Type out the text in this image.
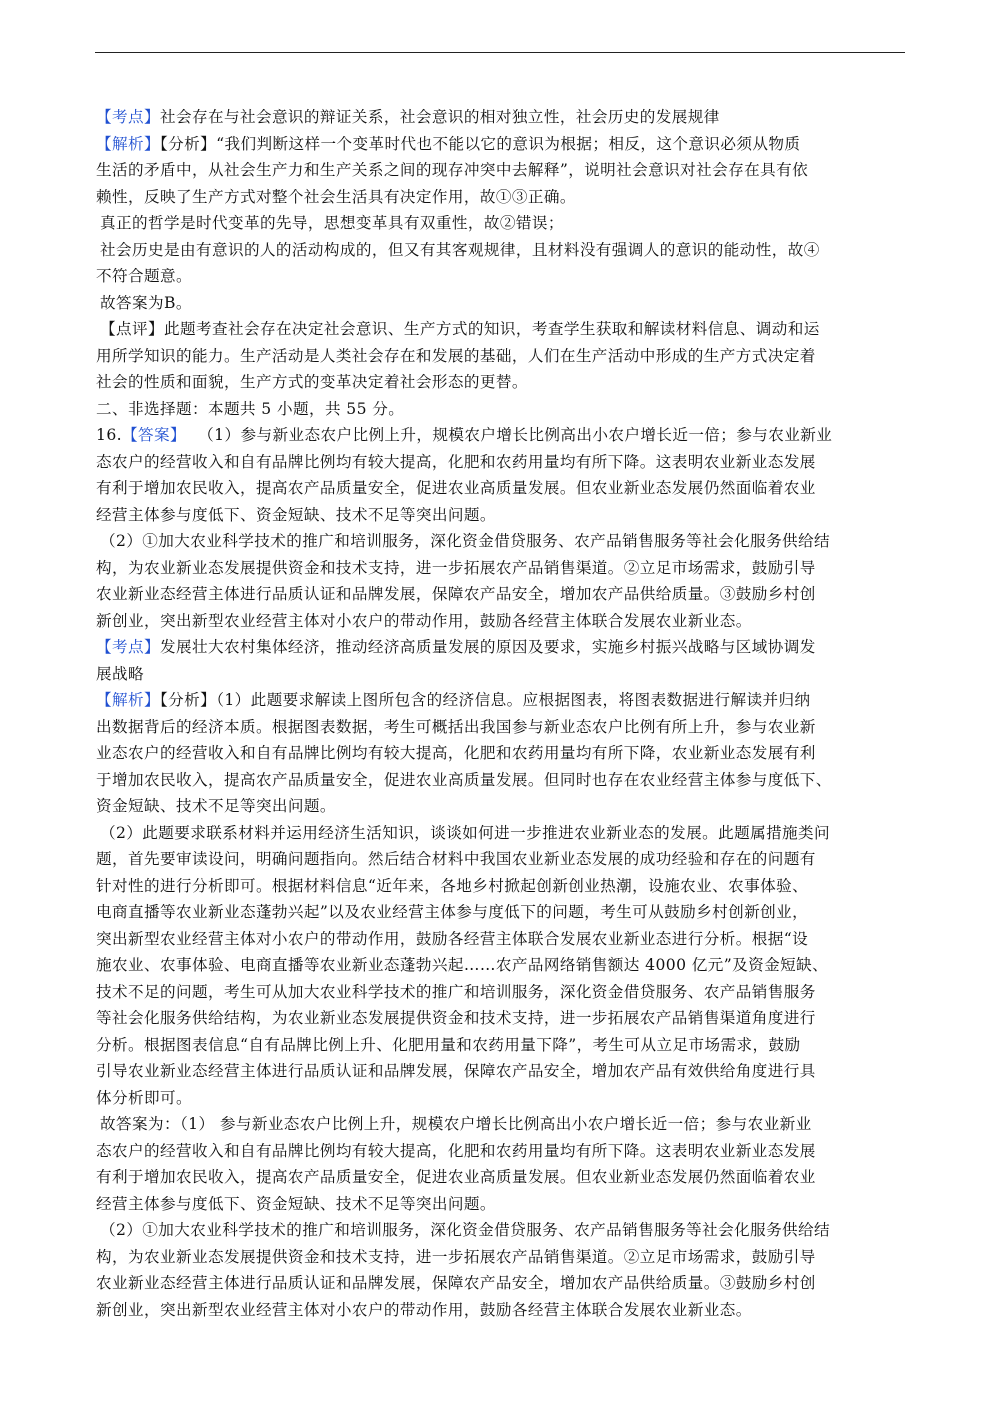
【考点】社会存在与社会意识的辩证关系，社会意识的相对独立性，社会历史的发展规律
【解析】【分析】“我们判断这样一个变革时代也不能以它的意识为根据；相反，这个意识必须从物质
生活的矛盾中，从社会生产力和生产关系之间的现存冲突中去解释”，说明社会意识对社会存在具有依
赖性，反映了生产方式对整个社会生活具有决定作用，故①③正确。
真正的哲学是时代变革的先导，思想变革具有双重性，故②错误；
社会历史是由有意识的人的活动构成的，但又有其客观规律，且材料没有强调人的意识的能动性，故④
不符合题意。
故答案为B。
【点评】此题考查社会存在决定社会意识、生产方式的知识，考查学生获取和解读材料信息、调动和运
用所学知识的能力。生产活动是人类社会存在和发展的基础，人们在生产活动中形成的生产方式决定着
社会的性质和面貌，生产方式的变革决定着社会形态的更替。
二、非选择题：本题共 5 小题，共 55 分。
16.【答案】 （1）参与新业态农户比例上升，规模农户增长比例高出小农户增长近一倍；参与农业新业
态农户的经营收入和自有品牌比例均有较大提高，化肥和农药用量均有所下降。这表明农业新业态发展
有利于增加农民收入，提高农产品质量安全，促进农业高质量发展。但农业新业态发展仍然面临着农业
经营主体参与度低下、资金短缺、技术不足等突出问题。
（2）①加大农业科学技术的推广和培训服务，深化资金借贷服务、农产品销售服务等社会化服务供给结
构，为农业新业态发展提供资金和技术支持，进一步拓展农产品销售渠道。②立足市场需求，鼓励引导
农业新业态经营主体进行品质认证和品牌发展，保障农产品安全，增加农产品供给质量。③鼓励乡村创
新创业，突出新型农业经营主体对小农户的带动作用，鼓励各经营主体联合发展农业新业态。
【考点】发展壮大农村集体经济，推动经济高质量发展的原因及要求，实施乡村振兴战略与区域协调发
展战略
【解析】【分析】（1）此题要求解读上图所包含的经济信息。应根据图表，将图表数据进行解读并归纳
出数据背后的经济本质。根据图表数据，考生可概括出我国参与新业态农户比例有所上升，参与农业新
业态农户的经营收入和自有品牌比例均有较大提高，化肥和农药用量均有所下降，农业新业态发展有利
于增加农民收入，提高农产品质量安全，促进农业高质量发展。但同时也存在农业经营主体参与度低下、
资金短缺、技术不足等突出问题。
（2）此题要求联系材料并运用经济生活知识，谈谈如何进一步推进农业新业态的发展。此题属措施类问
题，首先要审读设问，明确问题指向。然后结合材料中我国农业新业态发展的成功经验和存在的问题有
针对性的进行分析即可。根据材料信息“近年来，各地乡村掀起创新创业热潮，设施农业、农事体验、
电商直播等农业新业态蓬勃兴起”以及农业经营主体参与度低下的问题，考生可从鼓励乡村创新创业，
突出新型农业经营主体对小农户的带动作用，鼓励各经营主体联合发展农业新业态进行分析。根据“设
施农业、农事体验、电商直播等农业新业态蓬勃兴起……农产品网络销售额达 4000 亿元”及资金短缺、
技术不足的问题，考生可从加大农业科学技术的推广和培训服务，深化资金借贷服务、农产品销售服务
等社会化服务供给结构，为农业新业态发展提供资金和技术支持，进一步拓展农产品销售渠道角度进行
分析。根据图表信息“自有品牌比例上升、化肥用量和农药用量下降”，考生可从立足市场需求，鼓励
引导农业新业态经营主体进行品质认证和品牌发展，保障农产品安全，增加农产品有效供给角度进行具
体分析即可。
故答案为：（1） 参与新业态农户比例上升，规模农户增长比例高出小农户增长近一倍；参与农业新业
态农户的经营收入和自有品牌比例均有较大提高，化肥和农药用量均有所下降。这表明农业新业态发展
有利于增加农民收入，提高农产品质量安全，促进农业高质量发展。但农业新业态发展仍然面临着农业
经营主体参与度低下、资金短缺、技术不足等突出问题。
（2）①加大农业科学技术的推广和培训服务，深化资金借贷服务、农产品销售服务等社会化服务供给结
构，为农业新业态发展提供资金和技术支持，进一步拓展农产品销售渠道。②立足市场需求，鼓励引导
农业新业态经营主体进行品质认证和品牌发展，保障农产品安全，增加农产品供给质量。③鼓励乡村创
新创业，突出新型农业经营主体对小农户的带动作用，鼓励各经营主体联合发展农业新业态。
